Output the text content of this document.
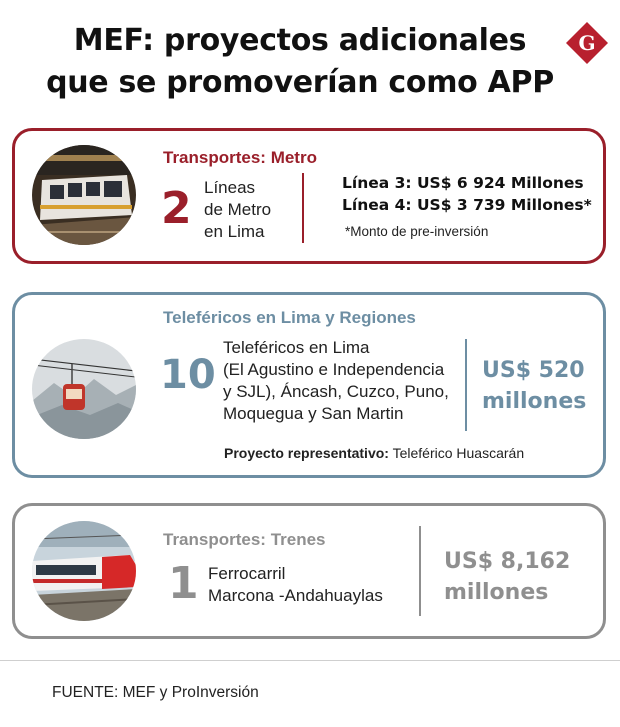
MEF: proyectos adicionales
que se promoverían como APP
G
Transportes: Metro
2 Líneas
de Metro
en Lima
Línea 3: US$ 6 924 Millones
Línea 4: US$ 3 739 Millones*
*Monto de pre-inversión
Teleféricos en Lima y Regiones
10
Teleféricos en Lima
(El Agustino e Independencia
y SJL), Áncash, Cuzco, Puno,
Moquegua y San Martin
US$ 520
millones
Proyecto representativo: Teleférico Huascarán
Transportes: Trenes
1 Ferrocarril
Marcona -Andahuaylas
US$ 8,162
millones
FUENTE: MEF y ProInversión
